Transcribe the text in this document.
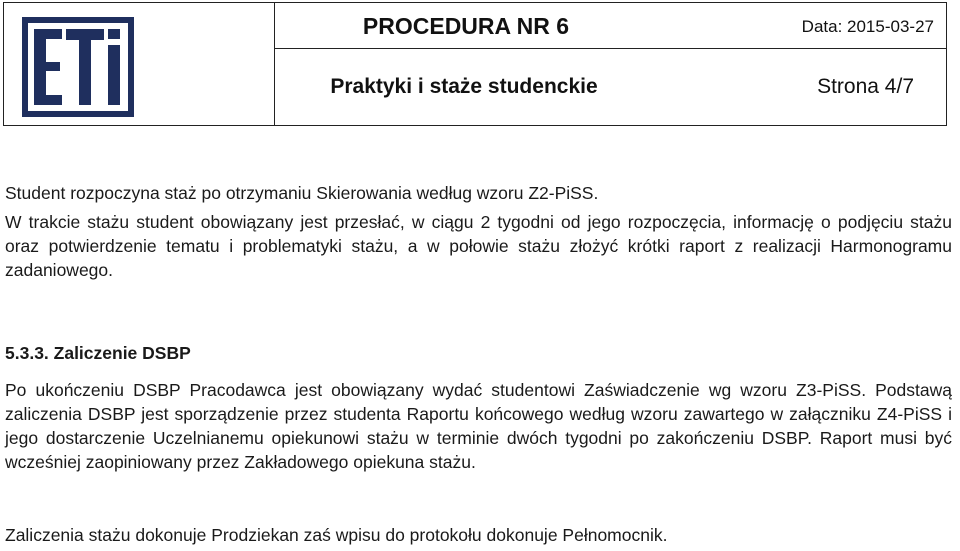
PROCEDURA NR 6	Data: 2015-03-27
Praktyki i staże studenckie	Strona 4/7

Student rozpoczyna staż po otrzymaniu Skierowania według wzoru Z2-PiSS.

W trakcie stażu student obowiązany jest przesłać, w ciągu 2 tygodni od jego rozpoczęcia, informację o podjęciu stażu oraz potwierdzenie tematu i problematyki stażu, a w połowie stażu złożyć krótki raport z realizacji Harmonogramu zadaniowego.

5.3.3. Zaliczenie DSBP

Po ukończeniu DSBP Pracodawca jest obowiązany wydać studentowi Zaświadczenie wg wzoru Z3-PiSS. Podstawą zaliczenia DSBP jest sporządzenie przez studenta Raportu końcowego według wzoru zawartego w załączniku Z4-PiSS i jego dostarczenie Uczelnianemu opiekunowi stażu w terminie dwóch tygodni po zakończeniu DSBP. Raport musi być wcześniej zaopiniowany przez Zakładowego opiekuna stażu.

Zaliczenia stażu dokonuje Prodziekan zaś wpisu do protokołu dokonuje Pełnomocnik.
